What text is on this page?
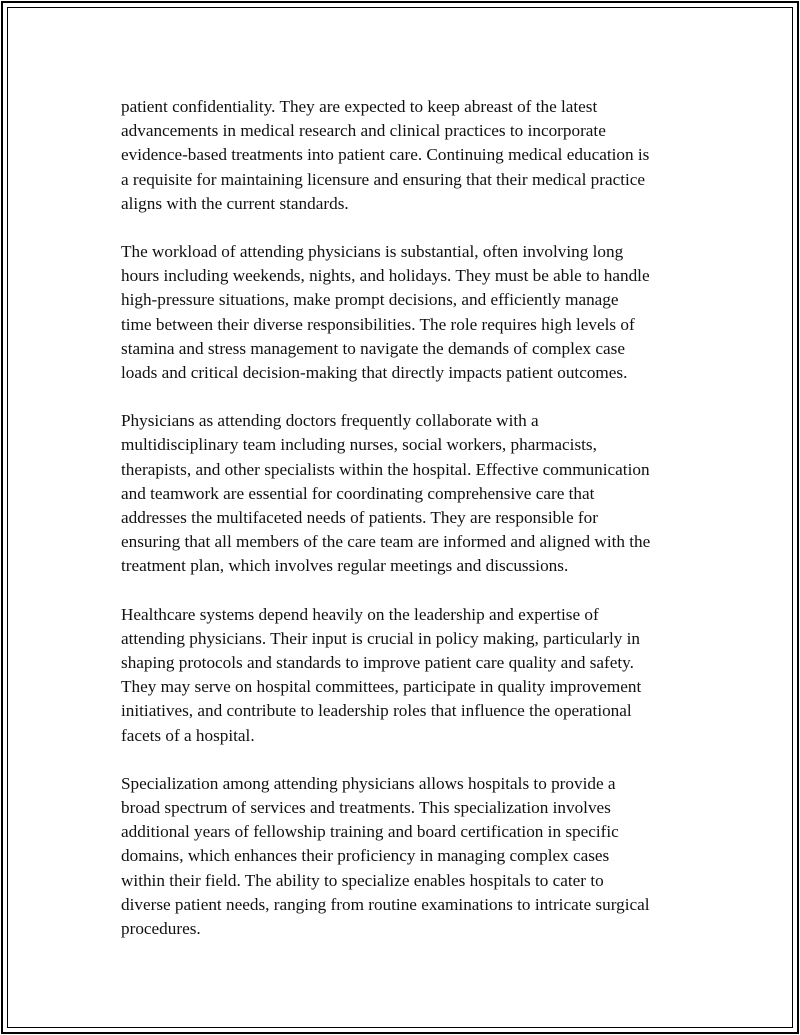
patient confidentiality. They are expected to keep abreast of the latest
advancements in medical research and clinical practices to incorporate
evidence-based treatments into patient care. Continuing medical education is
a requisite for maintaining licensure and ensuring that their medical practice
aligns with the current standards.

The workload of attending physicians is substantial, often involving long
hours including weekends, nights, and holidays. They must be able to handle
high-pressure situations, make prompt decisions, and efficiently manage
time between their diverse responsibilities. The role requires high levels of
stamina and stress management to navigate the demands of complex case
loads and critical decision-making that directly impacts patient outcomes.

Physicians as attending doctors frequently collaborate with a
multidisciplinary team including nurses, social workers, pharmacists,
therapists, and other specialists within the hospital. Effective communication
and teamwork are essential for coordinating comprehensive care that
addresses the multifaceted needs of patients. They are responsible for
ensuring that all members of the care team are informed and aligned with the
treatment plan, which involves regular meetings and discussions.

Healthcare systems depend heavily on the leadership and expertise of
attending physicians. Their input is crucial in policy making, particularly in
shaping protocols and standards to improve patient care quality and safety.
They may serve on hospital committees, participate in quality improvement
initiatives, and contribute to leadership roles that influence the operational
facets of a hospital.

Specialization among attending physicians allows hospitals to provide a
broad spectrum of services and treatments. This specialization involves
additional years of fellowship training and board certification in specific
domains, which enhances their proficiency in managing complex cases
within their field. The ability to specialize enables hospitals to cater to
diverse patient needs, ranging from routine examinations to intricate surgical
procedures.
